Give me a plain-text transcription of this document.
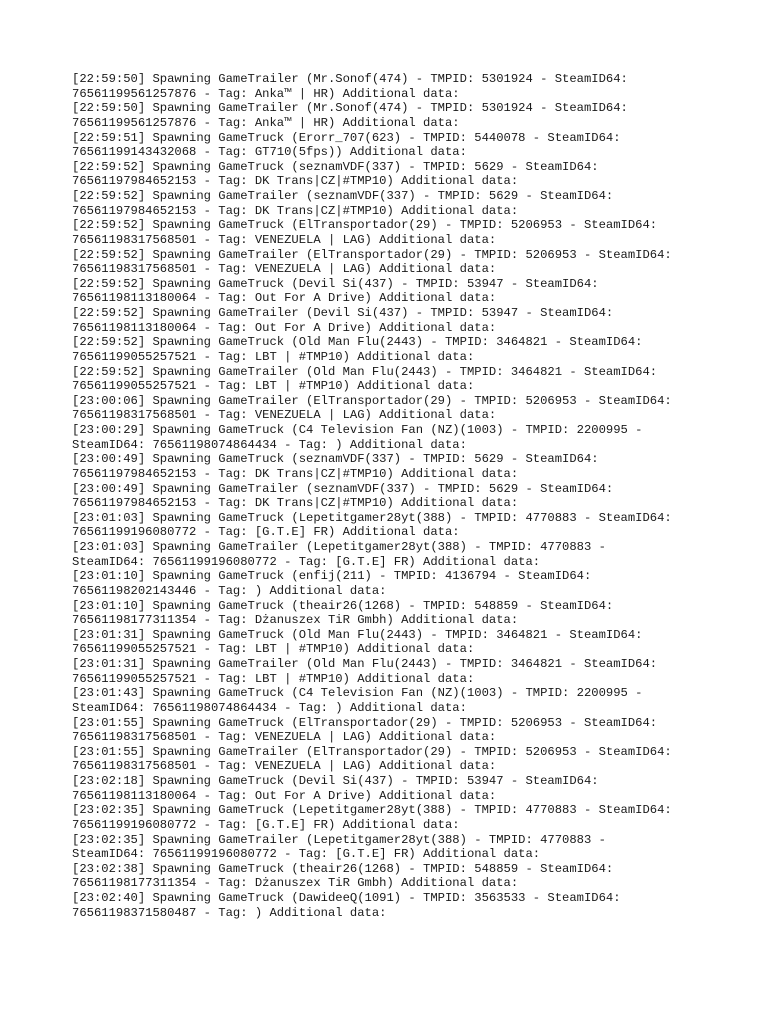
[22:59:50] Spawning GameTrailer (Mr.Sonof(474) - TMPID: 5301924 - SteamID64:
76561199561257876 - Tag: Anka™ | HR) Additional data:
[22:59:50] Spawning GameTrailer (Mr.Sonof(474) - TMPID: 5301924 - SteamID64:
76561199561257876 - Tag: Anka™ | HR) Additional data:
[22:59:51] Spawning GameTruck (Erorr_707(623) - TMPID: 5440078 - SteamID64:
76561199143432068 - Tag: GT710(5fps)) Additional data:
[22:59:52] Spawning GameTruck (seznamVDF(337) - TMPID: 5629 - SteamID64:
76561197984652153 - Tag: DK Trans|CZ|#TMP10) Additional data:
[22:59:52] Spawning GameTrailer (seznamVDF(337) - TMPID: 5629 - SteamID64:
76561197984652153 - Tag: DK Trans|CZ|#TMP10) Additional data:
[22:59:52] Spawning GameTruck (ElTransportador(29) - TMPID: 5206953 - SteamID64:
76561198317568501 - Tag: VENEZUELA | LAG) Additional data:
[22:59:52] Spawning GameTrailer (ElTransportador(29) - TMPID: 5206953 - SteamID64:
76561198317568501 - Tag: VENEZUELA | LAG) Additional data:
[22:59:52] Spawning GameTruck (Devil Si(437) - TMPID: 53947 - SteamID64:
76561198113180064 - Tag: Out For A Drive) Additional data:
[22:59:52] Spawning GameTrailer (Devil Si(437) - TMPID: 53947 - SteamID64:
76561198113180064 - Tag: Out For A Drive) Additional data:
[22:59:52] Spawning GameTruck (Old Man Flu(2443) - TMPID: 3464821 - SteamID64:
76561199055257521 - Tag: LBT | #TMP10) Additional data:
[22:59:52] Spawning GameTrailer (Old Man Flu(2443) - TMPID: 3464821 - SteamID64:
76561199055257521 - Tag: LBT | #TMP10) Additional data:
[23:00:06] Spawning GameTrailer (ElTransportador(29) - TMPID: 5206953 - SteamID64:
76561198317568501 - Tag: VENEZUELA | LAG) Additional data:
[23:00:29] Spawning GameTruck (C4 Television Fan (NZ)(1003) - TMPID: 2200995 -
SteamID64: 76561198074864434 - Tag: ) Additional data:
[23:00:49] Spawning GameTruck (seznamVDF(337) - TMPID: 5629 - SteamID64:
76561197984652153 - Tag: DK Trans|CZ|#TMP10) Additional data:
[23:00:49] Spawning GameTrailer (seznamVDF(337) - TMPID: 5629 - SteamID64:
76561197984652153 - Tag: DK Trans|CZ|#TMP10) Additional data:
[23:01:03] Spawning GameTruck (Lepetitgamer28yt(388) - TMPID: 4770883 - SteamID64:
76561199196080772 - Tag: [G.T.E] FR) Additional data:
[23:01:03] Spawning GameTrailer (Lepetitgamer28yt(388) - TMPID: 4770883 -
SteamID64: 76561199196080772 - Tag: [G.T.E] FR) Additional data:
[23:01:10] Spawning GameTruck (enfij(211) - TMPID: 4136794 - SteamID64:
76561198202143446 - Tag: ) Additional data:
[23:01:10] Spawning GameTruck (theair26(1268) - TMPID: 548859 - SteamID64:
76561198177311354 - Tag: Dżanuszex TiR Gmbh) Additional data:
[23:01:31] Spawning GameTruck (Old Man Flu(2443) - TMPID: 3464821 - SteamID64:
76561199055257521 - Tag: LBT | #TMP10) Additional data:
[23:01:31] Spawning GameTrailer (Old Man Flu(2443) - TMPID: 3464821 - SteamID64:
76561199055257521 - Tag: LBT | #TMP10) Additional data:
[23:01:43] Spawning GameTruck (C4 Television Fan (NZ)(1003) - TMPID: 2200995 -
SteamID64: 76561198074864434 - Tag: ) Additional data:
[23:01:55] Spawning GameTruck (ElTransportador(29) - TMPID: 5206953 - SteamID64:
76561198317568501 - Tag: VENEZUELA | LAG) Additional data:
[23:01:55] Spawning GameTrailer (ElTransportador(29) - TMPID: 5206953 - SteamID64:
76561198317568501 - Tag: VENEZUELA | LAG) Additional data:
[23:02:18] Spawning GameTruck (Devil Si(437) - TMPID: 53947 - SteamID64:
76561198113180064 - Tag: Out For A Drive) Additional data:
[23:02:35] Spawning GameTruck (Lepetitgamer28yt(388) - TMPID: 4770883 - SteamID64:
76561199196080772 - Tag: [G.T.E] FR) Additional data:
[23:02:35] Spawning GameTrailer (Lepetitgamer28yt(388) - TMPID: 4770883 -
SteamID64: 76561199196080772 - Tag: [G.T.E] FR) Additional data:
[23:02:38] Spawning GameTruck (theair26(1268) - TMPID: 548859 - SteamID64:
76561198177311354 - Tag: Dżanuszex TiR Gmbh) Additional data:
[23:02:40] Spawning GameTruck (DawideeQ(1091) - TMPID: 3563533 - SteamID64:
76561198371580487 - Tag: ) Additional data:
